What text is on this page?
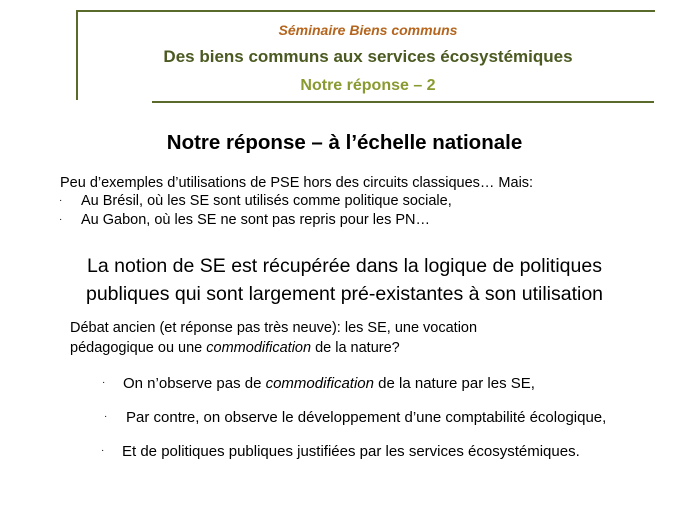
Séminaire Biens communs
Des biens communs aux services écosystémiques
Notre réponse – 2
Notre réponse – à l’échelle nationale
Peu d’exemples d’utilisations de PSE hors des circuits classiques… Mais:
· Au Brésil, où les SE sont utilisés comme politique sociale,
· Au Gabon, où les SE ne sont pas repris pour les PN…
La notion de SE est récupérée dans la logique de politiques
publiques qui sont largement pré-existantes à son utilisation
Débat ancien (et réponse pas très neuve): les SE, une vocation
pédagogique ou une commodification de la nature?
· On n’observe pas de commodification de la nature par les SE,
· Par contre, on observe le développement d’une comptabilité écologique,
· Et de politiques publiques justifiées par les services écosystémiques.
